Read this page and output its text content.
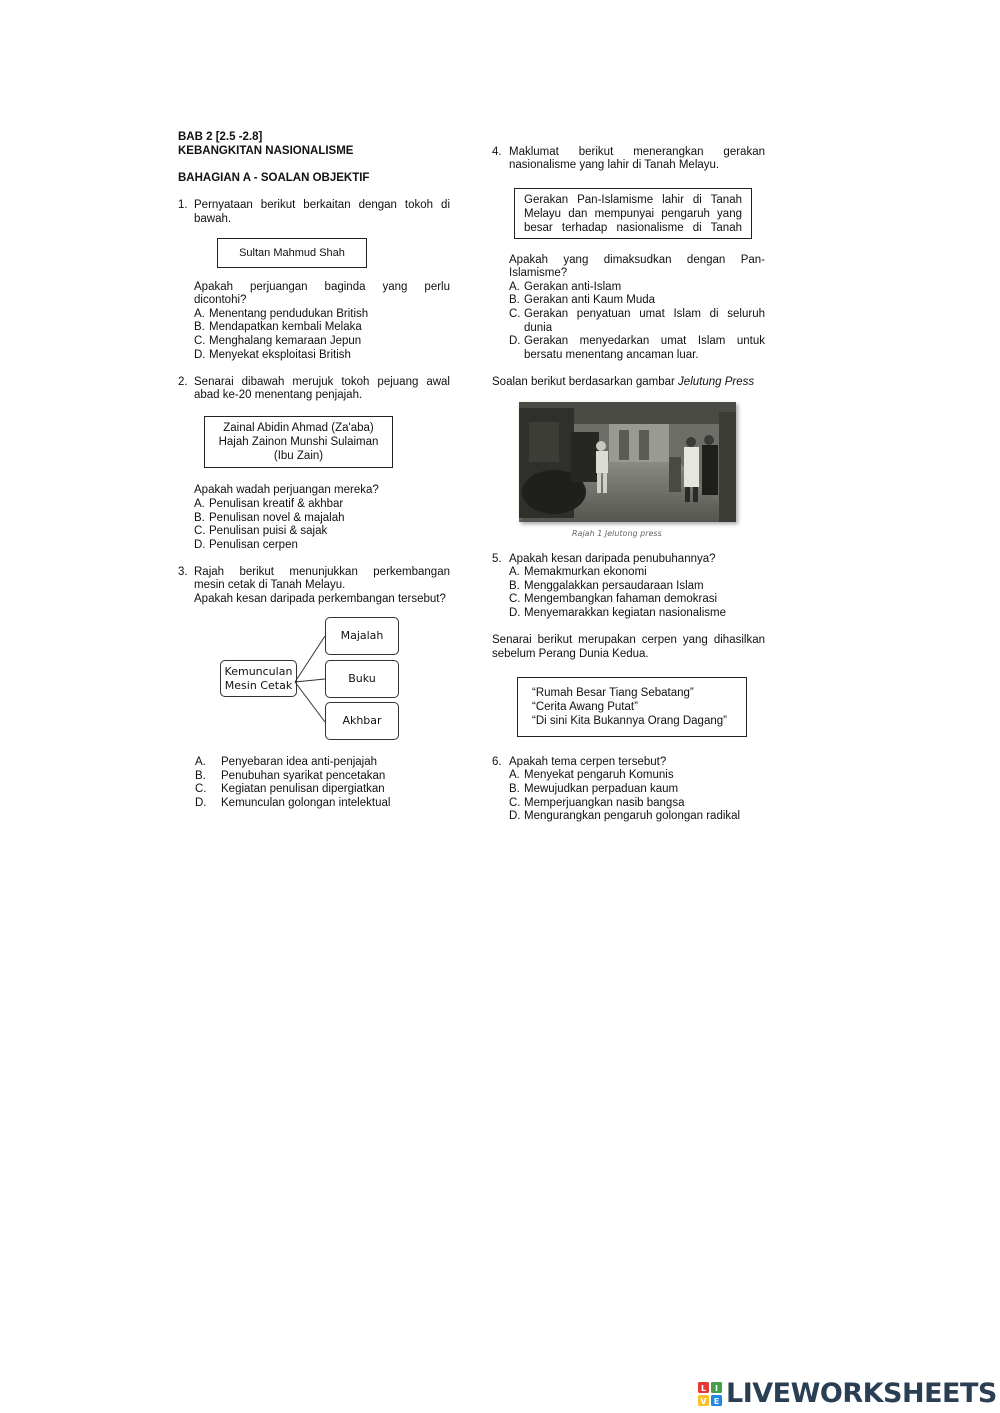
BAB 2 [2.5 -2.8]
KEBANGKITAN NASIONALISME
BAHAGIAN A - SOALAN OBJEKTIF
1. Pernyataan berikut berkaitan dengan tokoh di
bawah.
Sultan Mahmud Shah
Apakah perjuangan baginda yang perlu
dicontohi?
A. Menentang pendudukan British
B. Mendapatkan kembali Melaka
C. Menghalang kemaraan Jepun
D. Menyekat eksploitasi British
2. Senarai dibawah merujuk tokoh pejuang awal
abad ke-20 menentang penjajah.
Zainal Abidin Ahmad (Za'aba)
Hajah Zainon Munshi Sulaiman
(Ibu Zain)
Apakah wadah perjuangan mereka?
A. Penulisan kreatif & akhbar
B. Penulisan novel & majalah
C. Penulisan puisi & sajak
D. Penulisan cerpen
3. Rajah berikut menunjukkan perkembangan
mesin cetak di Tanah Melayu.
Apakah kesan daripada perkembangan tersebut?
Kemunculan Mesin Cetak
Majalah
Buku
Akhbar
A. Penyebaran idea anti-penjajah
B. Penubuhan syarikat pencetakan
C. Kegiatan penulisan dipergiatkan
D. Kemunculan golongan intelektual
4. Maklumat berikut menerangkan gerakan
nasionalisme yang lahir di Tanah Melayu.
Gerakan Pan-Islamisme lahir di Tanah
Melayu dan mempunyai pengaruh yang
besar terhadap nasionalisme di Tanah
Apakah yang dimaksudkan dengan Pan-
Islamisme?
A. Gerakan anti-Islam
B. Gerakan anti Kaum Muda
C. Gerakan penyatuan umat Islam di seluruh
dunia
D. Gerakan menyedarkan umat Islam untuk
bersatu menentang ancaman luar.
Soalan berikut berdasarkan gambar Jelutung Press
Rajah 1 Jelutong press
5. Apakah kesan daripada penubuhannya?
A. Memakmurkan ekonomi
B. Menggalakkan persaudaraan Islam
C. Mengembangkan fahaman demokrasi
D. Menyemarakkan kegiatan nasionalisme
Senarai berikut merupakan cerpen yang dihasilkan
sebelum Perang Dunia Kedua.
“Rumah Besar Tiang Sebatang”
“Cerita Awang Putat”
“Di sini Kita Bukannya Orang Dagang”
6. Apakah tema cerpen tersebut?
A. Menyekat pengaruh Komunis
B. Mewujudkan perpaduan kaum
C. Memperjuangkan nasib bangsa
D. Mengurangkan pengaruh golongan radikal
L I
V E LIVEWORKSHEETS
